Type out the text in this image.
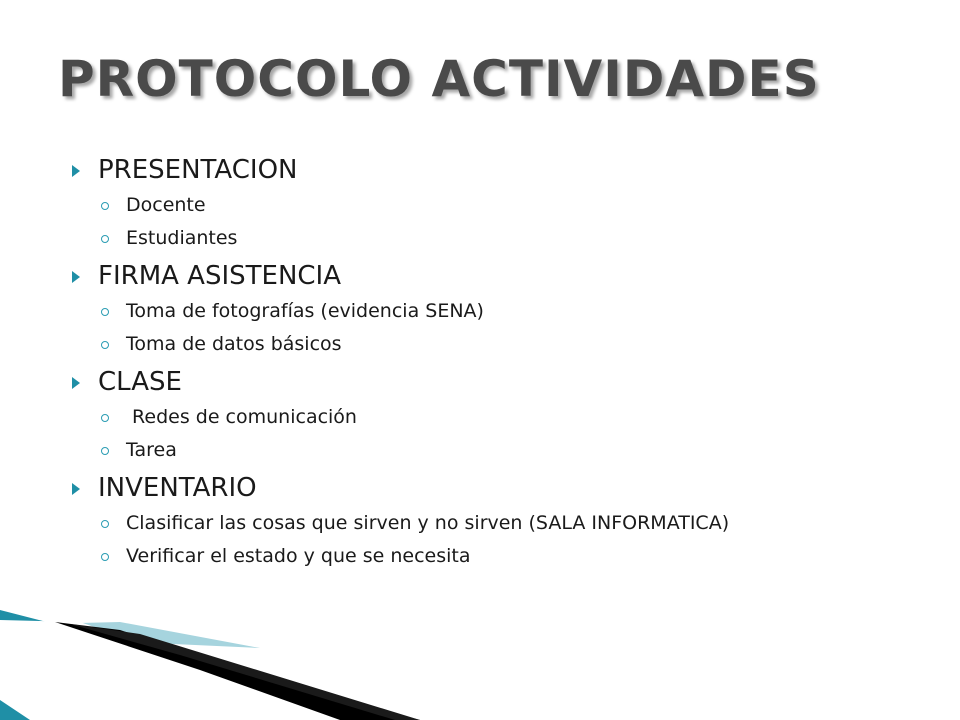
PROTOCOLO ACTIVIDADES
PRESENTACION
Docente
Estudiantes
FIRMA ASISTENCIA
Toma de fotografías (evidencia SENA)
Toma de datos básicos
CLASE
Redes de comunicación
Tarea
INVENTARIO
Clasificar las cosas que sirven y no sirven (SALA INFORMATICA)
Verificar el estado y que se necesita
